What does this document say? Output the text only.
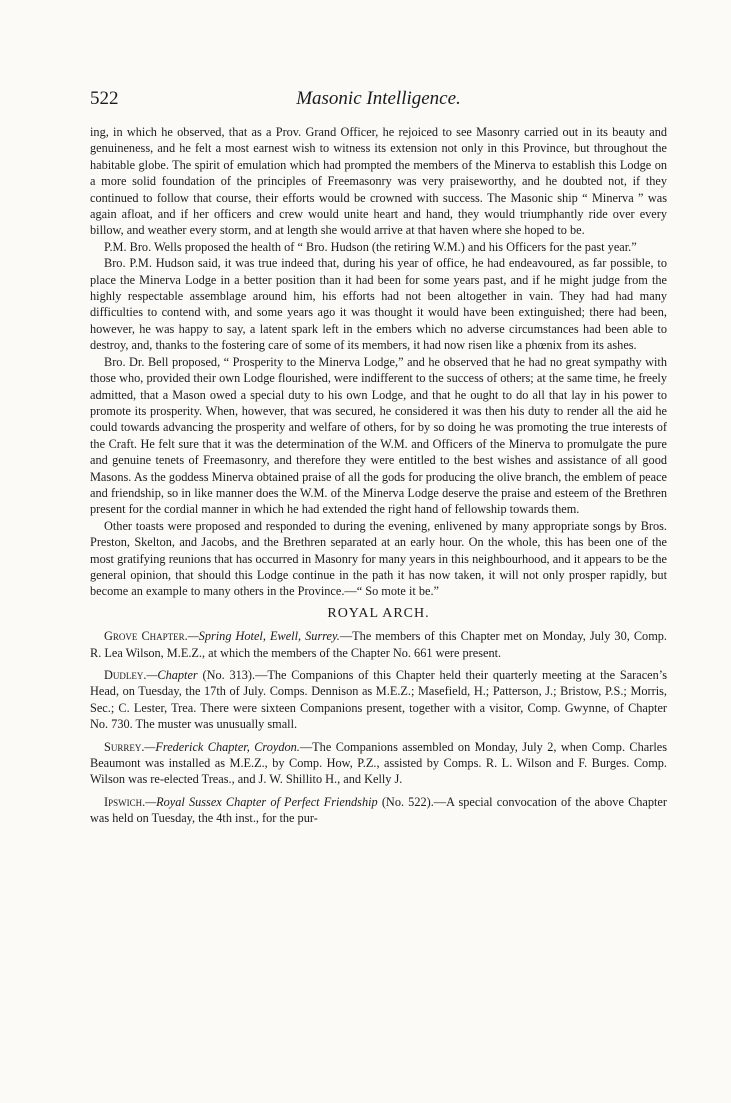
522	Masonic Intelligence.

ing, in which he observed, that as a Prov. Grand Officer, he rejoiced to see Masonry carried out in its beauty and genuineness, and he felt a most earnest wish to witness its extension not only in this Province, but throughout the habitable globe. The spirit of emulation which had prompted the members of the Minerva to establish this Lodge on a more solid foundation of the principles of Freemasonry was very praiseworthy, and he doubted not, if they continued to follow that course, their efforts would be crowned with success. The Masonic ship “ Minerva ” was again afloat, and if her officers and crew would unite heart and hand, they would triumphantly ride over every billow, and weather every storm, and at length she would arrive at that haven where she hoped to be.

P.M. Bro. Wells proposed the health of “ Bro. Hudson (the retiring W.M.) and his Officers for the past year.”

Bro. P.M. Hudson said, it was true indeed that, during his year of office, he had endeavoured, as far possible, to place the Minerva Lodge in a better position than it had been for some years past, and if he might judge from the highly respectable assemblage around him, his efforts had not been altogether in vain. They had had many difficulties to contend with, and some years ago it was thought it would have been extinguished; there had been, however, he was happy to say, a latent spark left in the embers which no adverse circumstances had been able to destroy, and, thanks to the fostering care of some of its members, it had now risen like a phœnix from its ashes.

Bro. Dr. Bell proposed, “ Prosperity to the Minerva Lodge,” and he observed that he had no great sympathy with those who, provided their own Lodge flourished, were indifferent to the success of others; at the same time, he freely admitted, that a Mason owed a special duty to his own Lodge, and that he ought to do all that lay in his power to promote its prosperity. When, however, that was secured, he considered it was then his duty to render all the aid he could towards advancing the prosperity and welfare of others, for by so doing he was promoting the true interests of the Craft. He felt sure that it was the determination of the W.M. and Officers of the Minerva to promulgate the pure and genuine tenets of Freemasonry, and therefore they were entitled to the best wishes and assistance of all good Masons. As the goddess Minerva obtained praise of all the gods for producing the olive branch, the emblem of peace and friendship, so in like manner does the W.M. of the Minerva Lodge deserve the praise and esteem of the Brethren present for the cordial manner in which he had extended the right hand of fellowship towards them.

Other toasts were proposed and responded to during the evening, enlivened by many appropriate songs by Bros. Preston, Skelton, and Jacobs, and the Brethren separated at an early hour. On the whole, this has been one of the most gratifying reunions that has occurred in Masonry for many years in this neighbourhood, and it appears to be the general opinion, that should this Lodge continue in the path it has now taken, it will not only prosper rapidly, but become an example to many others in the Province.—“ So mote it be.”

ROYAL ARCH.

Grove Chapter.—Spring Hotel, Ewell, Surrey.—The members of this Chapter met on Monday, July 30, Comp. R. Lea Wilson, M.E.Z., at which the members of the Chapter No. 661 were present.

Dudley.—Chapter (No. 313).—The Companions of this Chapter held their quarterly meeting at the Saracen’s Head, on Tuesday, the 17th of July. Comps. Dennison as M.E.Z.; Masefield, H.; Patterson, J.; Bristow, P.S.; Morris, Sec.; C. Lester, Trea. There were sixteen Companions present, together with a visitor, Comp. Gwynne, of Chapter No. 730. The muster was unusually small.

Surrey.—Frederick Chapter, Croydon.—The Companions assembled on Monday, July 2, when Comp. Charles Beaumont was installed as M.E.Z., by Comp. How, P.Z., assisted by Comps. R. L. Wilson and F. Burges. Comp. Wilson was re-elected Treas., and J. W. Shillito H., and Kelly J.

Ipswich.—Royal Sussex Chapter of Perfect Friendship (No. 522).—A special convocation of the above Chapter was held on Tuesday, the 4th inst., for the pur-
